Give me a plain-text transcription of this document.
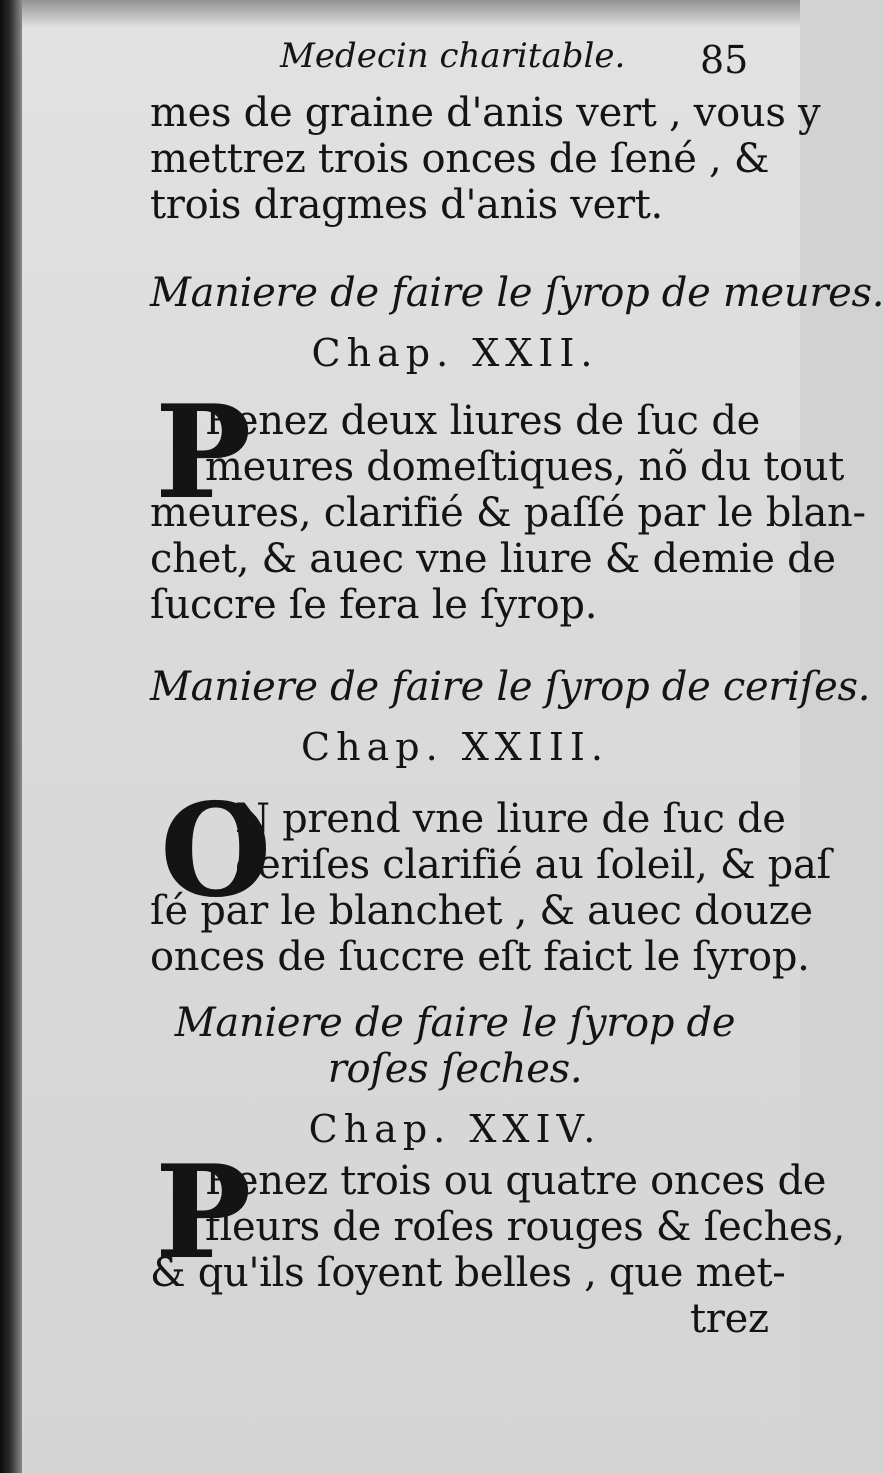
Medecin charitable. 85
mes de graine d'anis vert , vous y
mettrez trois onces de ſené , &
trois dragmes d'anis vert.
Maniere de faire le ſyrop de meures.
Chap. XXII.
P
Renez deux liures de ſuc de
meures domeſtiques, nõ du tout
meures, clarifié & paſſé par le blan-
chet, & auec vne liure & demie de
ſuccre ſe fera le ſyrop.
Maniere de faire le ſyrop de ceriſes.
Chap. XXIII.
O
N prend vne liure de ſuc de
ceriſes clarifié au ſoleil, & paſ
ſé par le blanchet , & auec douze
onces de ſuccre eſt faict le ſyrop.
Maniere de faire le ſyrop de
roſes ſeches.
Chap. XXIV.
P
Renez trois ou quatre onces de
fleurs de roſes rouges & ſeches,
& qu'ils ſoyent belles , que met-
trez
